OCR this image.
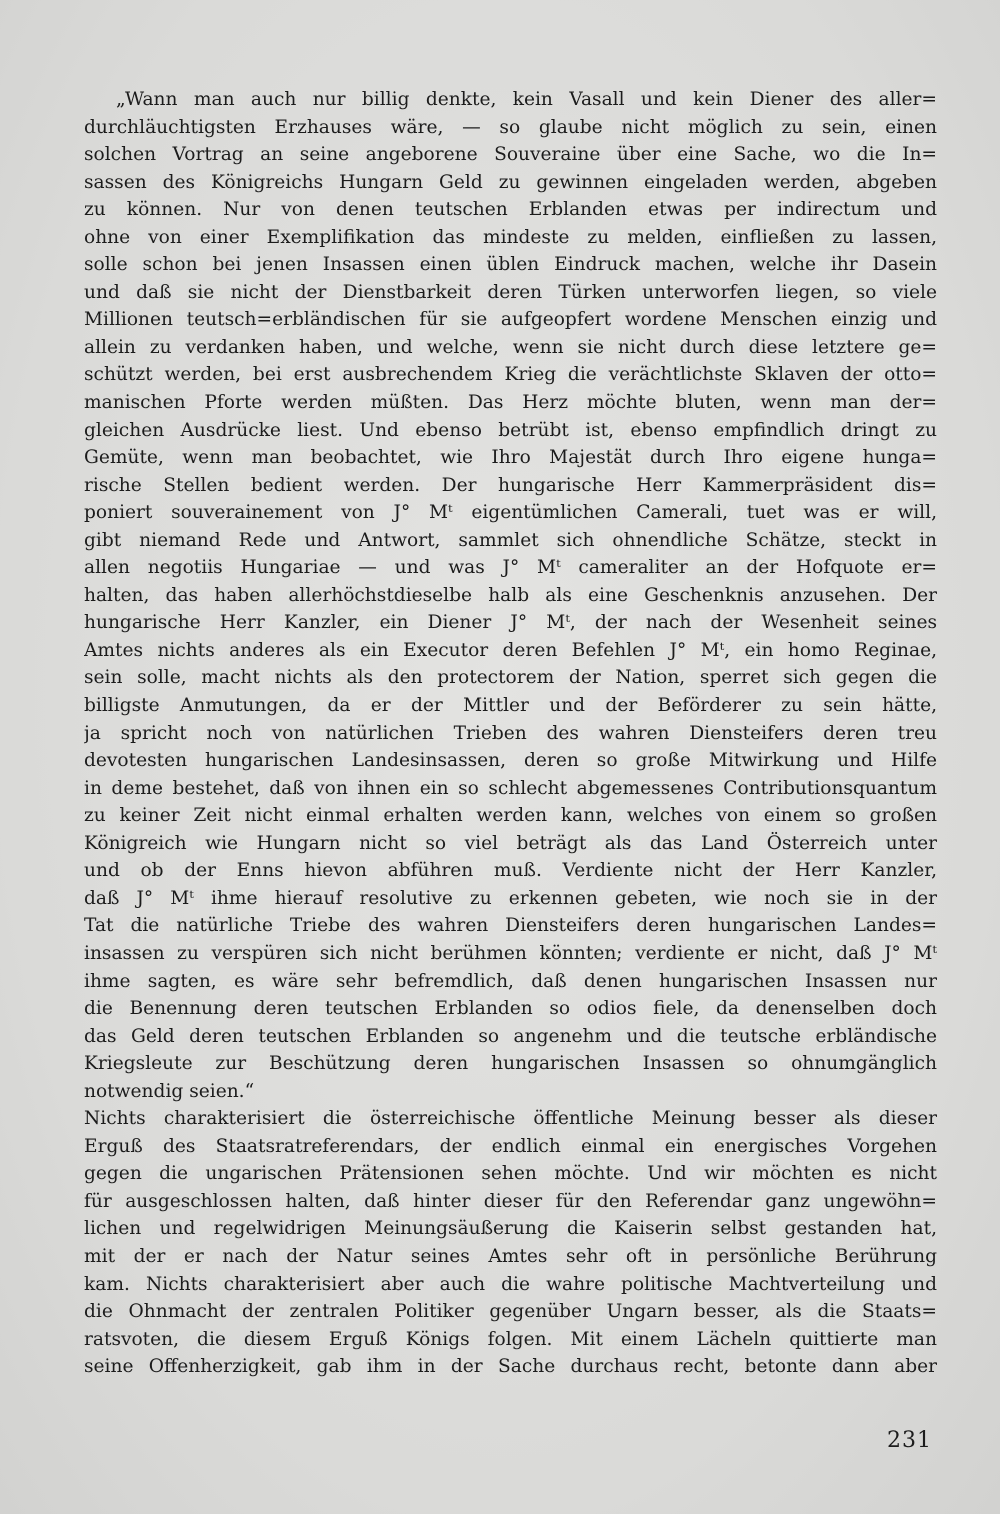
„Wann man auch nur billig denkte, kein Vasall und kein Diener des aller=
durchläuchtigsten Erzhauses wäre, — so glaube nicht möglich zu sein, einen
solchen Vortrag an seine angeborene Souveraine über eine Sache, wo die In=
sassen des Königreichs Hungarn Geld zu gewinnen eingeladen werden, abgeben
zu können. Nur von denen teutschen Erblanden etwas per indirectum und
ohne von einer Exemplifikation das mindeste zu melden, einfließen zu lassen,
solle schon bei jenen Insassen einen üblen Eindruck machen, welche ihr Dasein
und daß sie nicht der Dienstbarkeit deren Türken unterworfen liegen, so viele
Millionen teutsch=erbländischen für sie aufgeopfert wordene Menschen einzig und
allein zu verdanken haben, und welche, wenn sie nicht durch diese letztere ge=
schützt werden, bei erst ausbrechendem Krieg die verächtlichste Sklaven der otto=
manischen Pforte werden müßten. Das Herz möchte bluten, wenn man der=
gleichen Ausdrücke liest. Und ebenso betrübt ist, ebenso empfindlich dringt zu
Gemüte, wenn man beobachtet, wie Ihro Majestät durch Ihro eigene hunga=
rische Stellen bedient werden. Der hungarische Herr Kammerpräsident dis=
poniert souverainement von J° Mᵗ eigentümlichen Camerali, tuet was er will,
gibt niemand Rede und Antwort, sammlet sich ohnendliche Schätze, steckt in
allen negotiis Hungariae — und was J° Mᵗ cameraliter an der Hofquote er=
halten, das haben allerhöchstdieselbe halb als eine Geschenknis anzusehen. Der
hungarische Herr Kanzler, ein Diener J° Mᵗ, der nach der Wesenheit seines
Amtes nichts anderes als ein Executor deren Befehlen J° Mᵗ, ein homo Reginae,
sein solle, macht nichts als den protectorem der Nation, sperret sich gegen die
billigste Anmutungen, da er der Mittler und der Beförderer zu sein hätte,
ja spricht noch von natürlichen Trieben des wahren Diensteifers deren treu
devotesten hungarischen Landesinsassen, deren so große Mitwirkung und Hilfe
in deme bestehet, daß von ihnen ein so schlecht abgemessenes Contributionsquantum
zu keiner Zeit nicht einmal erhalten werden kann, welches von einem so großen
Königreich wie Hungarn nicht so viel beträgt als das Land Österreich unter
und ob der Enns hievon abführen muß. Verdiente nicht der Herr Kanzler,
daß J° Mᵗ ihme hierauf resolutive zu erkennen gebeten, wie noch sie in der
Tat die natürliche Triebe des wahren Diensteifers deren hungarischen Landes=
insassen zu verspüren sich nicht berühmen könnten; verdiente er nicht, daß J° Mᵗ
ihme sagten, es wäre sehr befremdlich, daß denen hungarischen Insassen nur
die Benennung deren teutschen Erblanden so odios fiele, da denenselben doch
das Geld deren teutschen Erblanden so angenehm und die teutsche erbländische
Kriegsleute zur Beschützung deren hungarischen Insassen so ohnumgänglich
notwendig seien.“
Nichts charakterisiert die österreichische öffentliche Meinung besser als dieser
Erguß des Staatsratreferendars, der endlich einmal ein energisches Vorgehen
gegen die ungarischen Prätensionen sehen möchte. Und wir möchten es nicht
für ausgeschlossen halten, daß hinter dieser für den Referendar ganz ungewöhn=
lichen und regelwidrigen Meinungsäußerung die Kaiserin selbst gestanden hat,
mit der er nach der Natur seines Amtes sehr oft in persönliche Berührung
kam. Nichts charakterisiert aber auch die wahre politische Machtverteilung und
die Ohnmacht der zentralen Politiker gegenüber Ungarn besser, als die Staats=
ratsvoten, die diesem Erguß Königs folgen. Mit einem Lächeln quittierte man
seine Offenherzigkeit, gab ihm in der Sache durchaus recht, betonte dann aber
231
